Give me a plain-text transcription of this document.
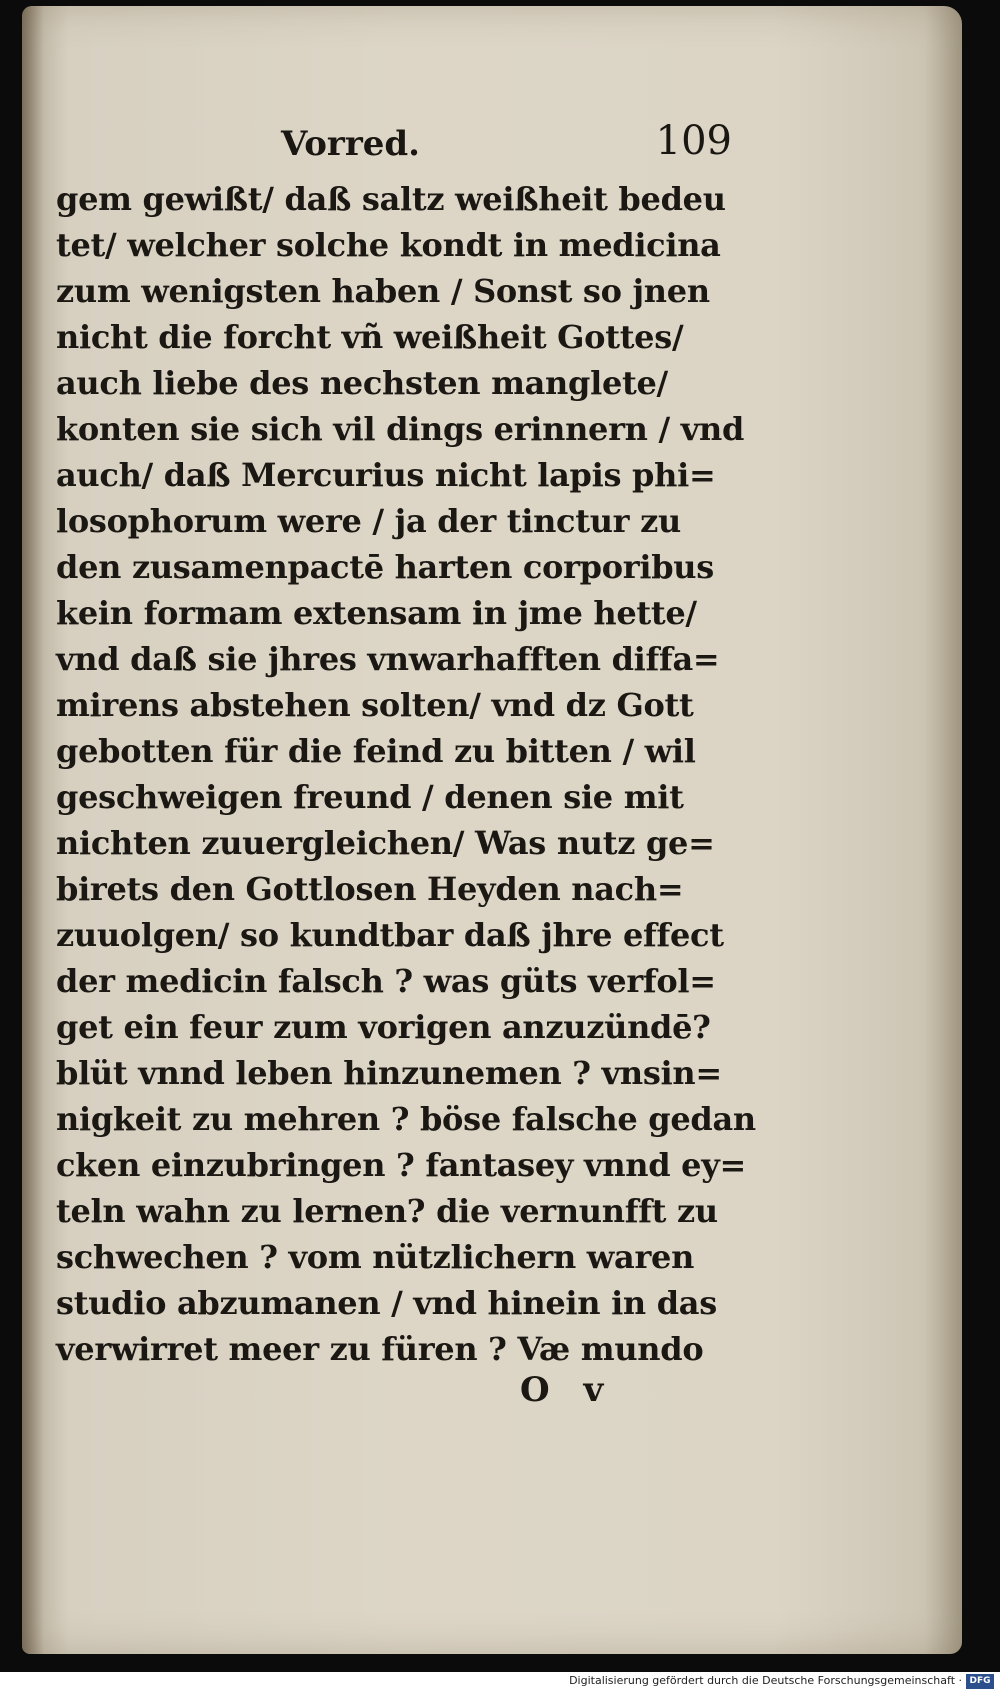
Vorred.	109
gem gewißt/ daß saltz weißheit bedeu
tet/ welcher solche kondt in medicina
zum wenigsten haben / Sonst so jnen
nicht die forcht vñ weißheit Gottes/
auch liebe des nechsten manglete/
konten sie sich vil dings erinnern / vnd
auch/ daß Mercurius nicht lapis phi=
losophorum were / ja der tinctur zu
den zusamenpactē harten corporibus
kein formam extensam in jme hette/
vnd daß sie jhres vnwarhafften diffa=
mirens abstehen solten/ vnd dz Gott
gebotten für die feind zu bitten / wil
geschweigen freund / denen sie mit
nichten zuuergleichen/ Was nutz ge=
birets den Gottlosen Heyden nach=
zuuolgen/ so kundtbar daß jhre effect
der medicin falsch ? was güts verfol=
get ein feur zum vorigen anzuzündē?
blüt vnnd leben hinzunemen ? vnsin=
nigkeit zu mehren ? böse falsche gedan
cken einzubringen ? fantasey vnnd ey=
teln wahn zu lernen? die vernunfft zu
schwechen ? vom nützlichern waren
studio abzumanen / vnd hinein in das
verwirret meer zu füren ? Væ mundo
O v
Digitalisierung gefördert durch die Deutsche Forschungsgemeinschaft · DFG
